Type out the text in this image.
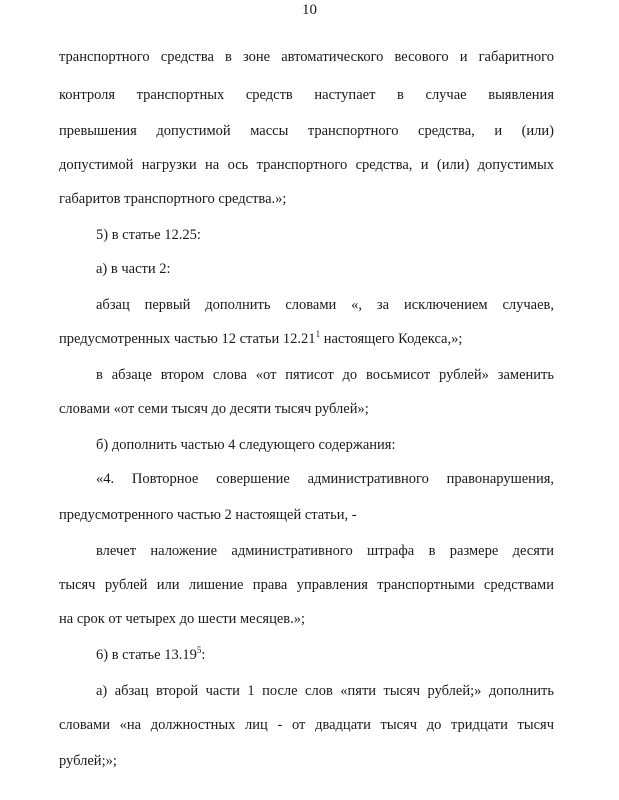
10
транспортного средства в зоне автоматического весового и габаритного
контроля транспортных средств наступает в случае выявления
превышения допустимой массы транспортного средства, и (или)
допустимой нагрузки на ось транспортного средства, и (или) допустимых
габаритов транспортного средства.»;
5) в статье 12.25:
а) в части 2:
абзац первый дополнить словами «, за исключением случаев,
предусмотренных частью 12 статьи 12.21$^1$ настоящего Кодекса,»;
в абзаце втором слова «от пятисот до восьмисот рублей» заменить
словами «от семи тысяч до десяти тысяч рублей»;
б) дополнить частью 4 следующего содержания:
«4. Повторное совершение административного правонарушения,
предусмотренного частью 2 настоящей статьи, -
влечет наложение административного штрафа в размере десяти
тысяч рублей или лишение права управления транспортными средствами
на срок от четырех до шести месяцев.»;
6) в статье 13.19$^5$:
а) абзац второй части 1 после слов «пяти тысяч рублей;» дополнить
словами «на должностных лиц - от двадцати тысяч до тридцати тысяч
рублей;»;
